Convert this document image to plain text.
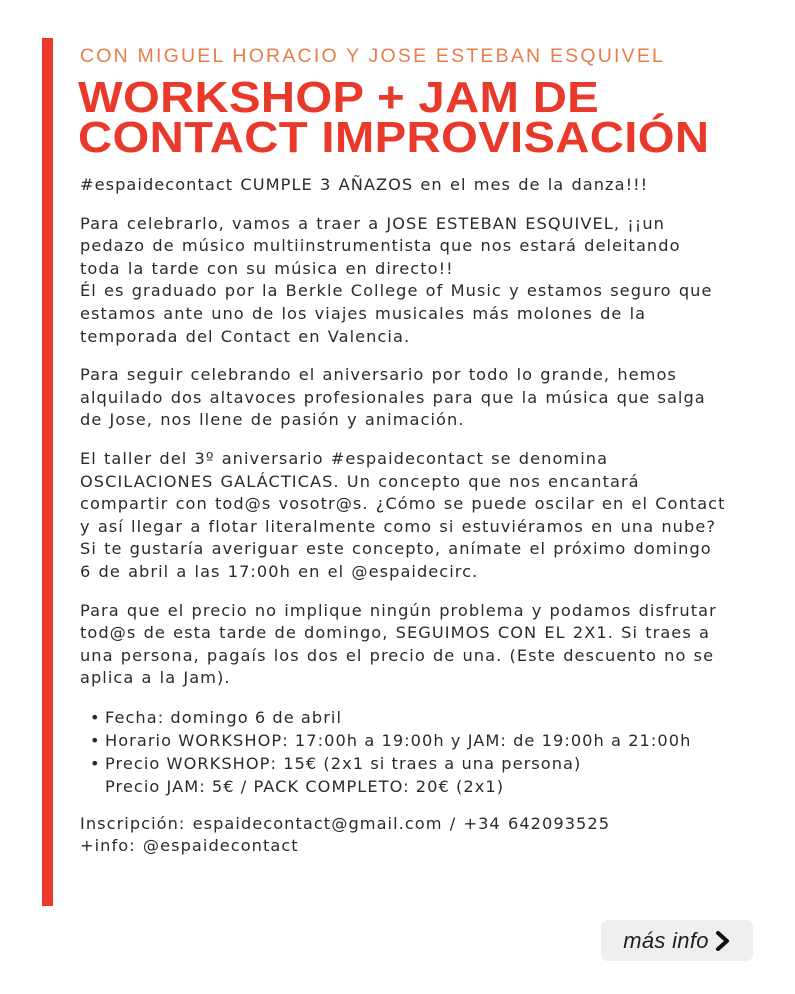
CON MIGUEL HORACIO Y JOSE ESTEBAN ESQUIVEL

WORKSHOP + JAM DE
CONTACT IMPROVISACIÓN

#espaidecontact CUMPLE 3 AÑAZOS en el mes de la danza!!!

Para celebrarlo, vamos a traer a JOSE ESTEBAN ESQUIVEL, ¡¡un
pedazo de músico multiinstrumentista que nos estará deleitando
toda la tarde con su música en directo!!
Él es graduado por la Berkle College of Music y estamos seguro que
estamos ante uno de los viajes musicales más molones de la
temporada del Contact en Valencia.

Para seguir celebrando el aniversario por todo lo grande, hemos
alquilado dos altavoces profesionales para que la música que salga
de Jose, nos llene de pasión y animación.

El taller del 3º aniversario #espaidecontact se denomina
OSCILACIONES GALÁCTICAS. Un concepto que nos encantará
compartir con tod@s vosotr@s. ¿Cómo se puede oscilar en el Contact
y así llegar a flotar literalmente como si estuviéramos en una nube?
Si te gustaría averiguar este concepto, anímate el próximo domingo
6 de abril a las 17:00h en el @espaidecirc.

Para que el precio no implique ningún problema y podamos disfrutar
tod@s de esta tarde de domingo, SEGUIMOS CON EL 2X1. Si traes a
una persona, pagaís los dos el precio de una. (Este descuento no se
aplica a la Jam).

• Fecha: domingo 6 de abril
• Horario WORKSHOP: 17:00h a 19:00h y JAM: de 19:00h a 21:00h
• Precio WORKSHOP: 15€ (2x1 si traes a una persona)
Precio JAM: 5€ / PACK COMPLETO: 20€ (2x1)

Inscripción: espaidecontact@gmail.com / +34 642093525
+info: @espaidecontact

más info
